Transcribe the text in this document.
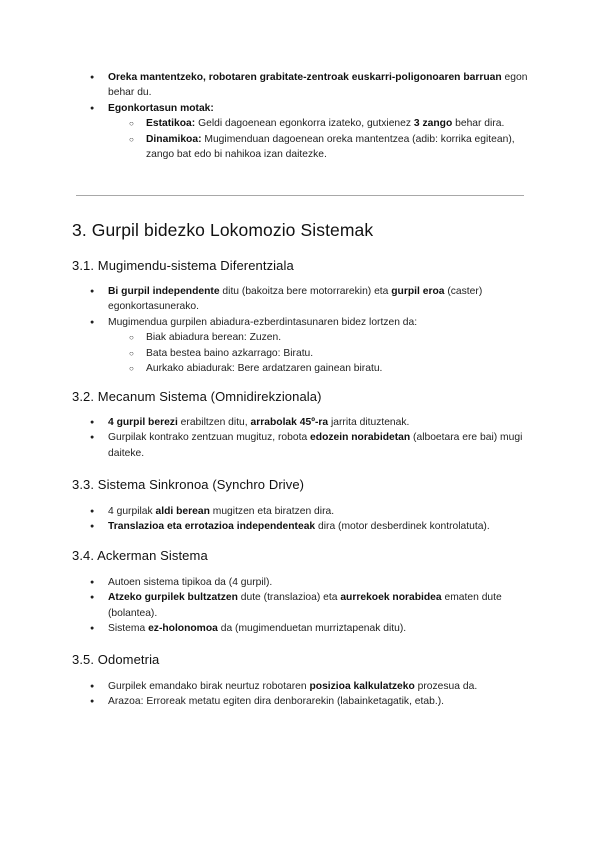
● Oreka mantentzeko, robotaren grabitate-zentroak euskarri-poligonoaren barruan egon behar du.
● Egonkortasun motak:
○ Estatikoa: Geldi dagoenean egonkorra izateko, gutxienez 3 zango behar dira.
○ Dinamikoa: Mugimenduan dagoenean oreka mantentzea (adib: korrika egitean), zango bat edo bi nahikoa izan daitezke.
3. Gurpil bidezko Lokomozio Sistemak
3.1. Mugimendu-sistema Diferentziala
● Bi gurpil independente ditu (bakoitza bere motorrarekin) eta gurpil eroa (caster) egonkortasunerako.
● Mugimendua gurpilen abiadura-ezberdintasunaren bidez lortzen da:
○ Biak abiadura berean: Zuzen.
○ Bata bestea baino azkarrago: Biratu.
○ Aurkako abiadurak: Bere ardatzaren gainean biratu.
3.2. Mecanum Sistema (Omnidirekzionala)
● 4 gurpil berezi erabiltzen ditu, arrabolak 45º-ra jarrita dituztenak.
● Gurpilak kontrako zentzuan mugituz, robota edozein norabidetan (alboetara ere bai) mugi daiteke.
3.3. Sistema Sinkronoa (Synchro Drive)
● 4 gurpilak aldi berean mugitzen eta biratzen dira.
● Translazioa eta errotazioa independenteak dira (motor desberdinek kontrolatuta).
3.4. Ackerman Sistema
● Autoen sistema tipikoa da (4 gurpil).
● Atzeko gurpilek bultzatzen dute (translazioa) eta aurrekoek norabidea ematen dute (bolantea).
● Sistema ez-holonomoa da (mugimenduetan murriztapenak ditu).
3.5. Odometria
● Gurpilek emandako birak neurtuz robotaren posizioa kalkulatzeko prozesua da.
● Arazoa: Erroreak metatu egiten dira denborarekin (labainketagatik, etab.).
